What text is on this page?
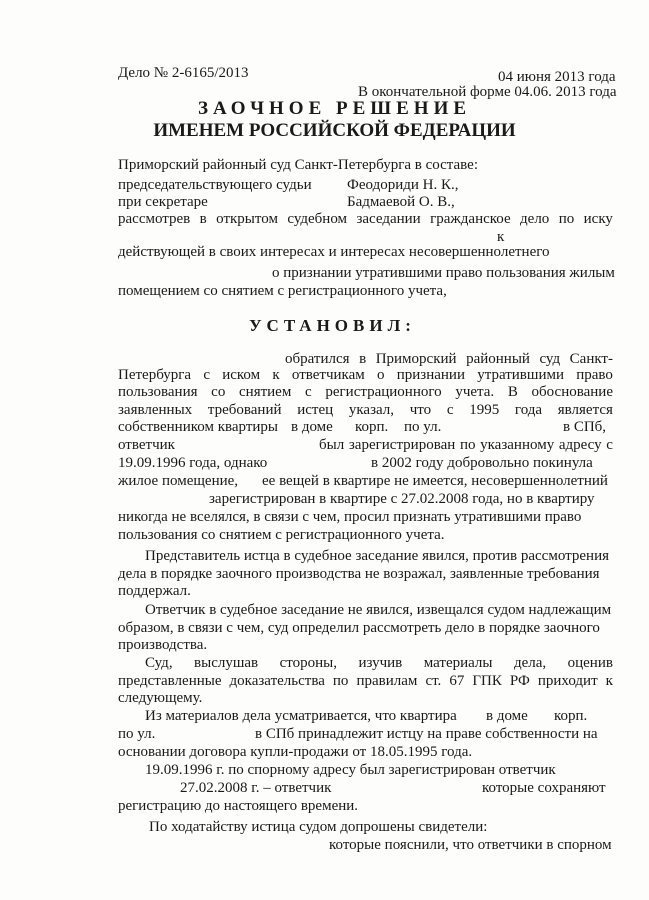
Дело № 2-6165/2013	04 июня 2013 года
В окончательной форме 04.06. 2013 года
ЗАОЧНОЕ РЕШЕНИЕ
ИМЕНЕМ РОССИЙСКОЙ ФЕДЕРАЦИИ
Приморский районный суд Санкт-Петербурга в составе:
председательствующего судьи Феодориди Н. К.,
при секретаре	Бадмаевой О. В.,
рассмотрев в открытом судебном заседании гражданское дело по иску
к
действующей в своих интересах и интересах несовершеннолетнего
о признании утратившими право пользования жилым
помещением со снятием с регистрационного учета,
УСТАНОВИЛ:
обратился в Приморский районный суд Санкт-
Петербурга с иском к ответчикам о признании утратившими право
пользования со снятием с регистрационного учета. В обоснование
заявленных требований истец указал, что с 1995 года является
собственником квартиры в доме корп. по ул.	в СПб,
ответчик	был зарегистрирован по указанному адресу с
19.09.1996 года, однако	в 2002 году добровольно покинула
жилое помещение, ее вещей в квартире не имеется, несовершеннолетний
зарегистрирован в квартире с 27.02.2008 года, но в квартиру
никогда не вселялся, в связи с чем, просил признать утратившими право
пользования со снятием с регистрационного учета.
Представитель истца в судебное заседание явился, против рассмотрения
дела в порядке заочного производства не возражал, заявленные требования
поддержал.
Ответчик в судебное заседание не явился, извещался судом надлежащим
образом, в связи с чем, суд определил рассмотреть дело в порядке заочного
производства.
Суд, выслушав стороны, изучив материалы дела, оценив
представленные доказательства по правилам ст. 67 ГПК РФ приходит к
следующему.
Из материалов дела усматривается, что квартира в доме корп.
по ул.	в СПб принадлежит истцу на праве собственности на
основании договора купли-продажи от 18.05.1995 года.
19.09.1996 г. по спорному адресу был зарегистрирован ответчик
27.02.2008 г. – ответчик	которые сохраняют
регистрацию до настоящего времени.
По ходатайству истица судом допрошены свидетели:
которые пояснили, что ответчики в спорном
